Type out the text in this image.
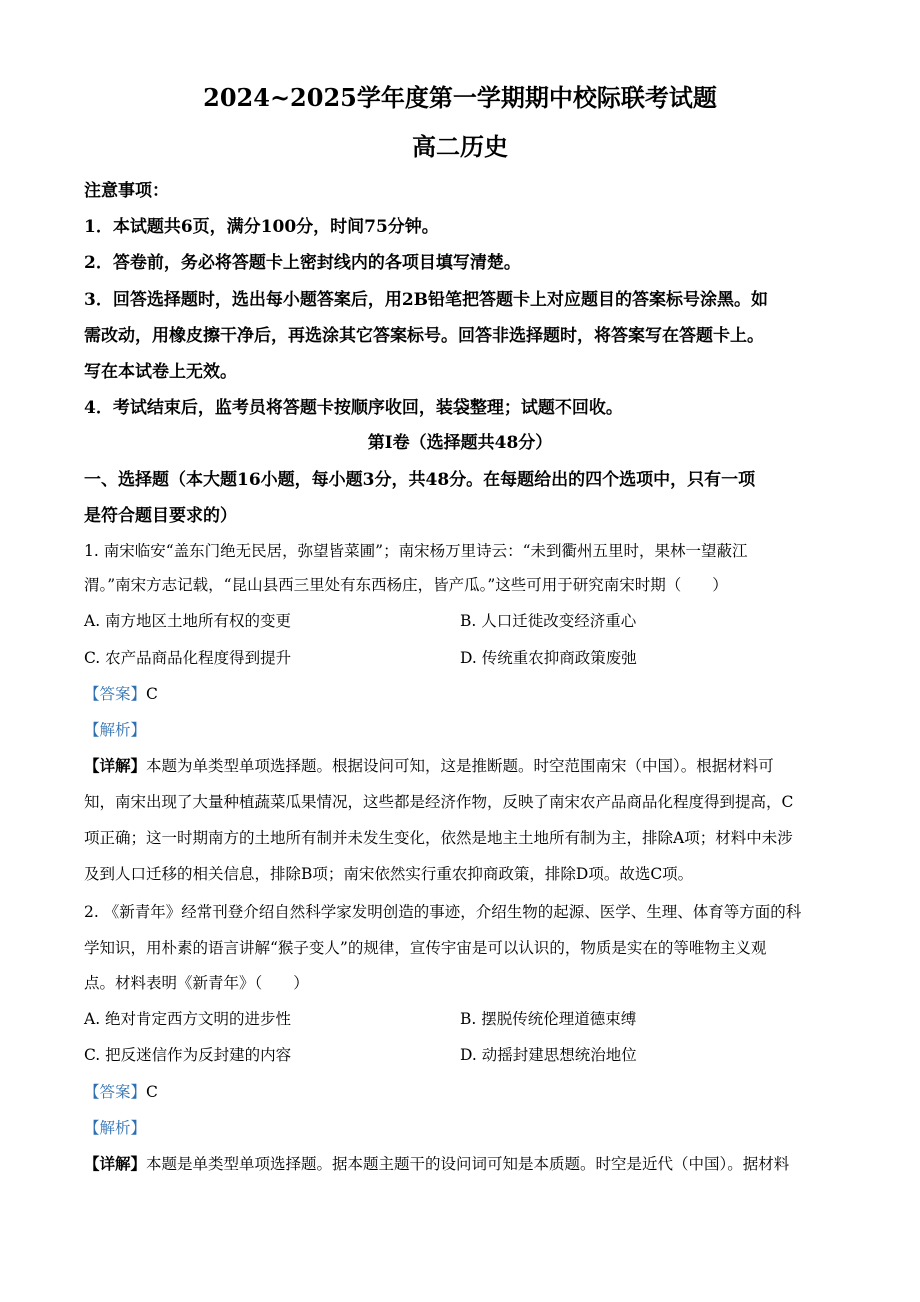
2024~2025学年度第一学期期中校际联考试题
高二历史
注意事项：
1．本试题共6页，满分100分，时间75分钟。
2．答卷前，务必将答题卡上密封线内的各项目填写清楚。
3．回答选择题时，选出每小题答案后，用2B铅笔把答题卡上对应题目的答案标号涂黑。如
需改动，用橡皮擦干净后，再选涂其它答案标号。回答非选择题时，将答案写在答题卡上。
写在本试卷上无效。
4．考试结束后，监考员将答题卡按顺序收回，装袋整理；试题不回收。
第Ⅰ卷（选择题共48分）
一、选择题（本大题16小题，每小题3分，共48分。在每题给出的四个选项中，只有一项
是符合题目要求的）
1. 南宋临安“盖东门绝无民居，弥望皆菜圃”；南宋杨万里诗云：“未到衢州五里时，果林一望蔽江
渭。”南宋方志记载，“昆山县西三里处有东西杨庄，皆产瓜。”这些可用于研究南宋时期（　　）
A. 南方地区土地所有权的变更	B. 人口迁徙改变经济重心
C. 农产品商品化程度得到提升	D. 传统重农抑商政策废弛
【答案】C
【解析】
【详解】本题为单类型单项选择题。根据设问可知，这是推断题。时空范围南宋（中国）。根据材料可
知，南宋出现了大量种植蔬菜瓜果情况，这些都是经济作物，反映了南宋农产品商品化程度得到提高，C
项正确；这一时期南方的土地所有制并未发生变化，依然是地主土地所有制为主，排除A项；材料中未涉
及到人口迁移的相关信息，排除B项；南宋依然实行重农抑商政策，排除D项。故选C项。
2. 《新青年》经常刊登介绍自然科学家发明创造的事迹，介绍生物的起源、医学、生理、体育等方面的科
学知识，用朴素的语言讲解“猴子变人”的规律，宣传宇宙是可以认识的，物质是实在的等唯物主义观
点。材料表明《新青年》（　　）
A. 绝对肯定西方文明的进步性	B. 摆脱传统伦理道德束缚
C. 把反迷信作为反封建的内容	D. 动摇封建思想统治地位
【答案】C
【解析】
【详解】本题是单类型单项选择题。据本题主题干的设问词可知是本质题。时空是近代（中国）。据材料
